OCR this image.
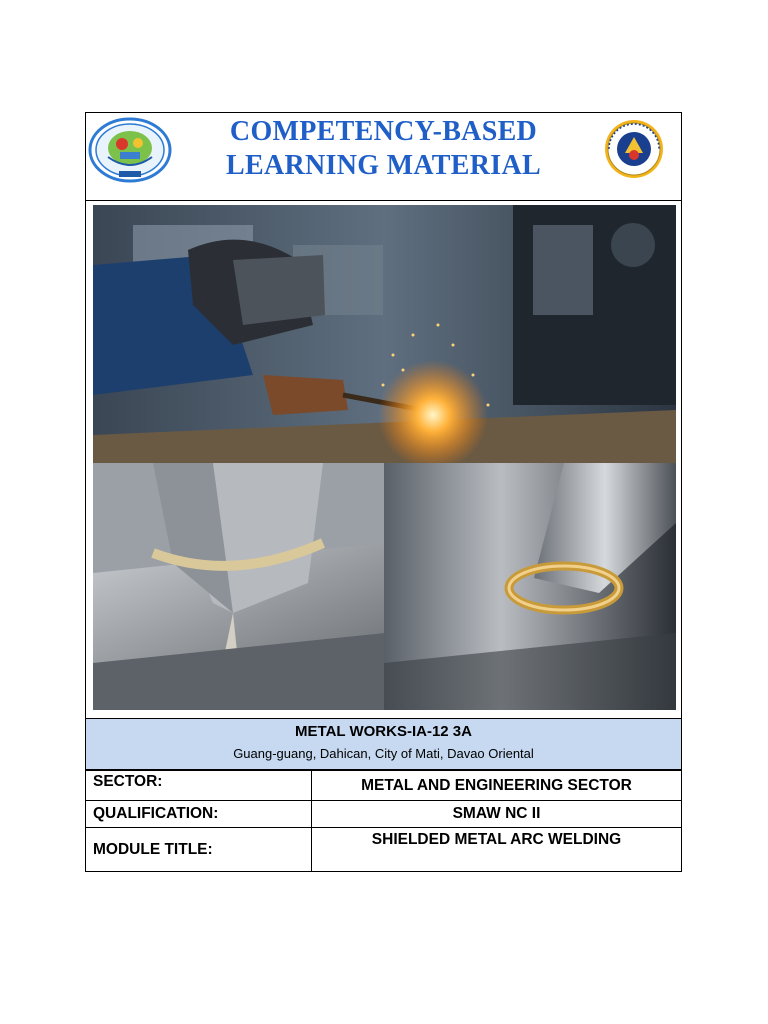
COMPETENCY-BASED
LEARNING MATERIAL
METAL WORKS-IA-12 3A
Guang-guang, Dahican, City of Mati, Davao Oriental
SECTOR:	METAL AND ENGINEERING SECTOR
QUALIFICATION:	SMAW NC II
MODULE TITLE:	SHIELDED METAL ARC WELDING
